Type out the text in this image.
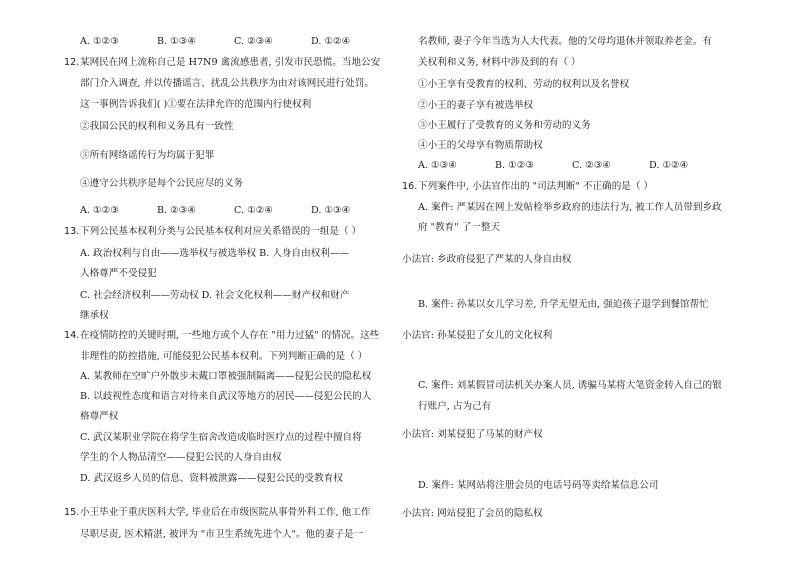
A. ①②③	B. ①③④	C. ②③④	D. ①②④
12. 某网民在网上流称自己是 H7N9 禽流感患者, 引发市民恐慌。当地公安
部门介入调查, 并以传播谣言、扰乱公共秩序为由对该网民进行处罚。
这一事例告诉我们( )①要在法律允许的范围内行使权利
②我国公民的权利和义务具有一致性
③所有网络谣传行为均属于犯罪
④遵守公共秩序是每个公民应尽的义务
A. ①②③	B. ②③④	C. ①②④	D. ①③④
13. 下列公民基本权利分类与公民基本权利对应关系错误的一组是（ ）
A. 政治权利与自由——选举权与被选举权 B. 人身自由权利——
人格尊严不受侵犯
C. 社会经济权利——劳动权 D. 社会文化权利——财产权和财产
继承权
14. 在疫情防控的关键时期, 一些地方或个人存在 "用力过猛" 的情况。这些
非理性的防控措施, 可能侵犯公民基本权利。下列判断正确的是（ ）
A. 某教师在空旷户外散步未戴口罩被强制隔离——侵犯公民的隐私权
B. 以歧视性态度和语言对待来自武汉等地方的居民——侵犯公民的人
格尊严权
C. 武汉某职业学院在将学生宿舍改造成临时医疗点的过程中擅自将
学生的个人物品清空——侵犯公民的人身自由权
D. 武汉返乡人员的信息、资料被泄露——侵犯公民的受教育权
15. 小王毕业于重庆医科大学, 毕业后在市级医院从事骨外科工作, 他工作
尽职尽责, 医术精湛, 被评为 "市卫生系统先进个人"。他的妻子是一
名教师, 妻子今年当选为人大代表。他的父母均退休并领取养老金。有
关权利和义务, 材料中涉及到的有（ ）
①小王享有受教育的权利、劳动的权利以及名誉权
②小王的妻子享有被选举权
③小王履行了受教育的义务和劳动的义务
④小王的父母享有物质帮助权
A. ①③④	B. ①②③	C. ②③④	D. ①②④
16. 下列案件中, 小法官作出的 "司法判断" 不正确的是（ ）
A. 案件: 严某因在网上发帖检举乡政府的违法行为, 被工作人员带到乡政
府 "教育" 了一整天
小法官: 乡政府侵犯了严某的人身自由权
B. 案件: 孙某以女儿学习差, 升学无望无由, 强迫孩子退学到餐馆帮忙
小法官: 孙某侵犯了女儿的文化权利
C. 案件: 刘某假冒司法机关办案人员, 诱骗马某将大笔资金转入自己的银
行账户, 占为己有
小法官: 刘某侵犯了马某的财产权
D. 案件: 某网站将注册会员的电话号码等卖给某信息公司
小法官: 网站侵犯了会员的隐私权
